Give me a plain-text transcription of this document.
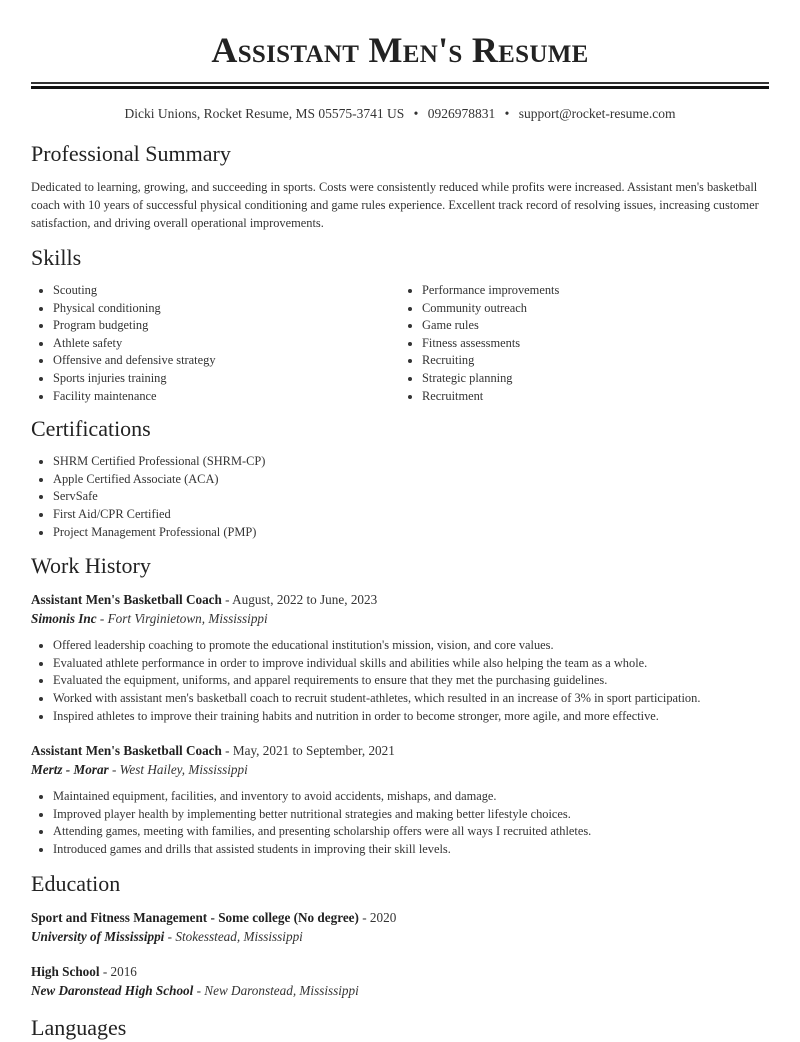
Assistant Men's Resume
Dicki Unions, Rocket Resume, MS 05575-3741 US • 0926978831 • support@rocket-resume.com
Professional Summary

Dedicated to learning, growing, and succeeding in sports. Costs were consistently reduced while profits were increased. Assistant men's basketball coach with 10 years of successful physical conditioning and game rules experience. Excellent track record of resolving issues, increasing customer satisfaction, and driving overall operational improvements.

Skills
• Scouting
• Physical conditioning
• Program budgeting
• Athlete safety
• Offensive and defensive strategy
• Sports injuries training
• Facility maintenance
• Performance improvements
• Community outreach
• Game rules
• Fitness assessments
• Recruiting
• Strategic planning
• Recruitment
Certifications
• SHRM Certified Professional (SHRM-CP)
• Apple Certified Associate (ACA)
• ServSafe
• First Aid/CPR Certified
• Project Management Professional (PMP)
Work History
Assistant Men's Basketball Coach - August, 2022 to June, 2023
Simonis Inc - Fort Virginietown, Mississippi
• Offered leadership coaching to promote the educational institution's mission, vision, and core values.
• Evaluated athlete performance in order to improve individual skills and abilities while also helping the team as a whole.
• Evaluated the equipment, uniforms, and apparel requirements to ensure that they met the purchasing guidelines.
• Worked with assistant men's basketball coach to recruit student-athletes, which resulted in an increase of 3% in sport participation.
• Inspired athletes to improve their training habits and nutrition in order to become stronger, more agile, and more effective.
Assistant Men's Basketball Coach - May, 2021 to September, 2021
Mertz - Morar - West Hailey, Mississippi
• Maintained equipment, facilities, and inventory to avoid accidents, mishaps, and damage.
• Improved player health by implementing better nutritional strategies and making better lifestyle choices.
• Attending games, meeting with families, and presenting scholarship offers were all ways I recruited athletes.
• Introduced games and drills that assisted students in improving their skill levels.
Education
Sport and Fitness Management - Some college (No degree) - 2020
University of Mississippi - Stokesstead, Mississippi
High School - 2016
New Daronstead High School - New Daronstead, Mississippi
Languages
